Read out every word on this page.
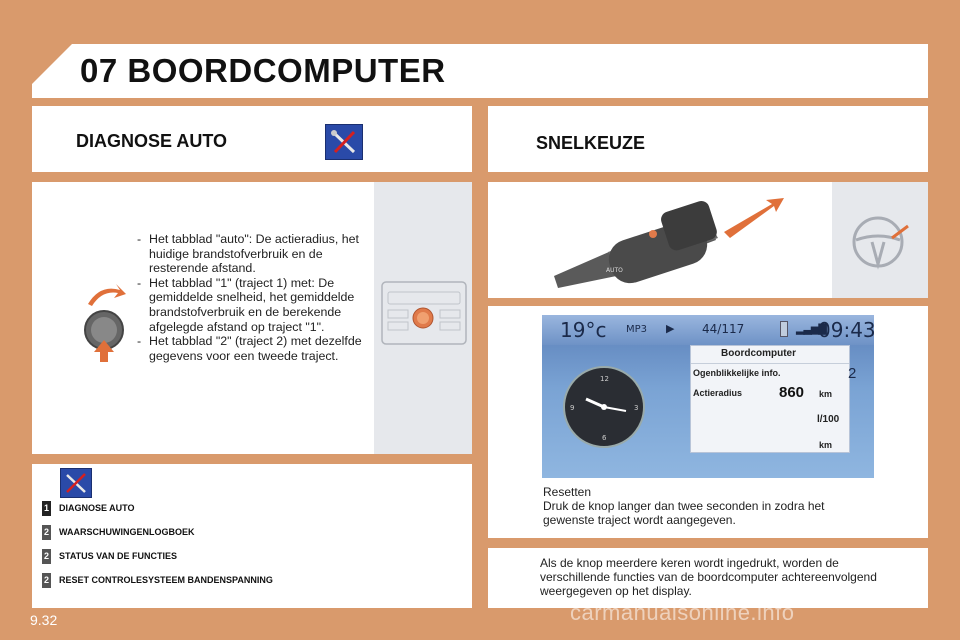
07 BOORDCOMPUTER
DIAGNOSE AUTO	SNELKEUZE
- Het tabblad "auto": De actieradius, het huidige brandstofverbruik en de resterende afstand.
- Het tabblad "1" (traject 1) met: De gemiddelde snelheid, het gemiddelde brandstofverbruik en de berekende afgelegde afstand op traject "1".
- Het tabblad "2" (traject 2) met dezelfde gegevens voor een tweede traject.
1 DIAGNOSE AUTO
2 WAARSCHUWINGENLOGBOEK
2 STATUS VAN DE FUNCTIES
2 RESET CONTROLESYSTEEM BANDENSPANNING
AUTO
19°c MP3 ▶ 44/117	▂▃▅▇
09:43
12
3
6
9
Boordcomputer
Ogenblikkelijke info.
Actieradius 860 km
l/100
km
2
Resetten
Druk de knop langer dan twee seconden in zodra het gewenste traject wordt aangegeven.
Als de knop meerdere keren wordt ingedrukt, worden de verschillende functies van de boordcomputer achtereenvolgend weergegeven op het display.
9.32	carmanualsonline.info
